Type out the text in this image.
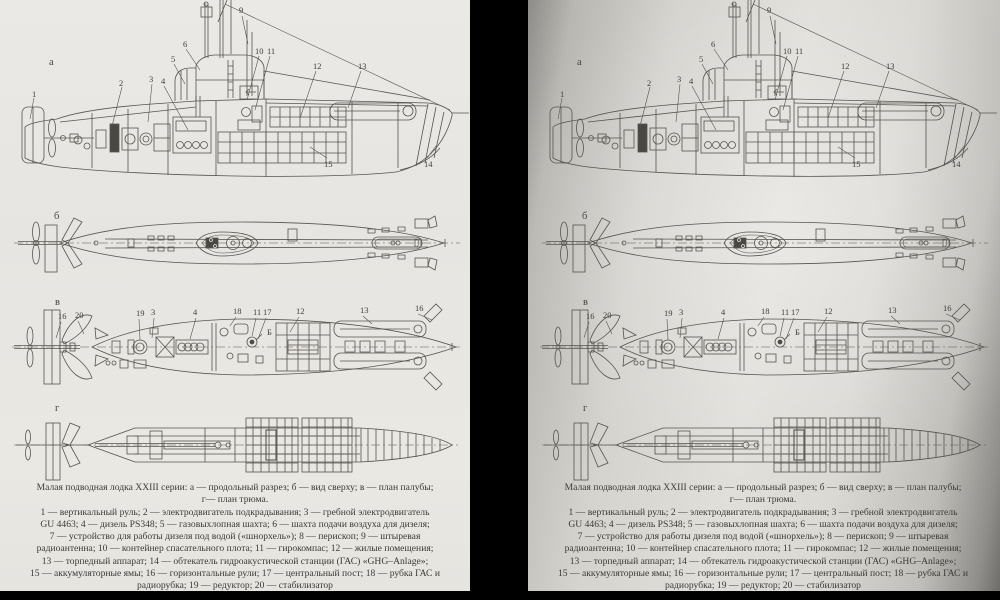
а
1
2	3 4
5
6
9
10 11
12	13
15	14
б
в
16 20	19 3	4	18 11 17	12	13	16
Б
г
Малая подводная лодка XXIII серии: а — продольный разрез; б — вид сверху; в — план палубы;
г— план трюма.
1 — вертикальный руль; 2 — электродвигатель подкрадывания; 3 — гребной электродвигатель
GU 4463; 4 — дизель PS348; 5 — газовыхлопная шахта; 6 — шахта подачи воздуха для дизеля;
7 — устройство для работы дизеля под водой («шнорхель»); 8 — перископ; 9 — штыревая
радиоантенна; 10 — контейнер спасательного плота; 11 — гирокомпас; 12 — жилые помещения;
13 — торпедный аппарат; 14 — обтекатель гидроакустической станции (ГАС) «GHG–Anlage»;
15 — аккумуляторные ямы; 16 — горизонтальные рули; 17 — центральный пост; 18 — рубка ГАС и
радиорубка; 19 — редуктор; 20 — стабилизатор
а
1
2	3 4
5
6
9
10 11
12	13
15	14
б
в
16 20	19 3	4	18 11 17	12	13	16
Б
г
Малая подводная лодка XXIII серии: а — продольный разрез; б — вид сверху; в — план палубы;
г— план трюма.
1 — вертикальный руль; 2 — электродвигатель подкрадывания; 3 — гребной электродвигатель
GU 4463; 4 — дизель PS348; 5 — газовыхлопная шахта; 6 — шахта подачи воздуха для дизеля;
7 — устройство для работы дизеля под водой («шнорхель»); 8 — перископ; 9 — штыревая
радиоантенна; 10 — контейнер спасательного плота; 11 — гирокомпас; 12 — жилые помещения;
13 — торпедный аппарат; 14 — обтекатель гидроакустической станции (ГАС) «GHG–Anlage»;
15 — аккумуляторные ямы; 16 — горизонтальные рули; 17 — центральный пост; 18 — рубка ГАС и
радиорубка; 19 — редуктор; 20 — стабилизатор
